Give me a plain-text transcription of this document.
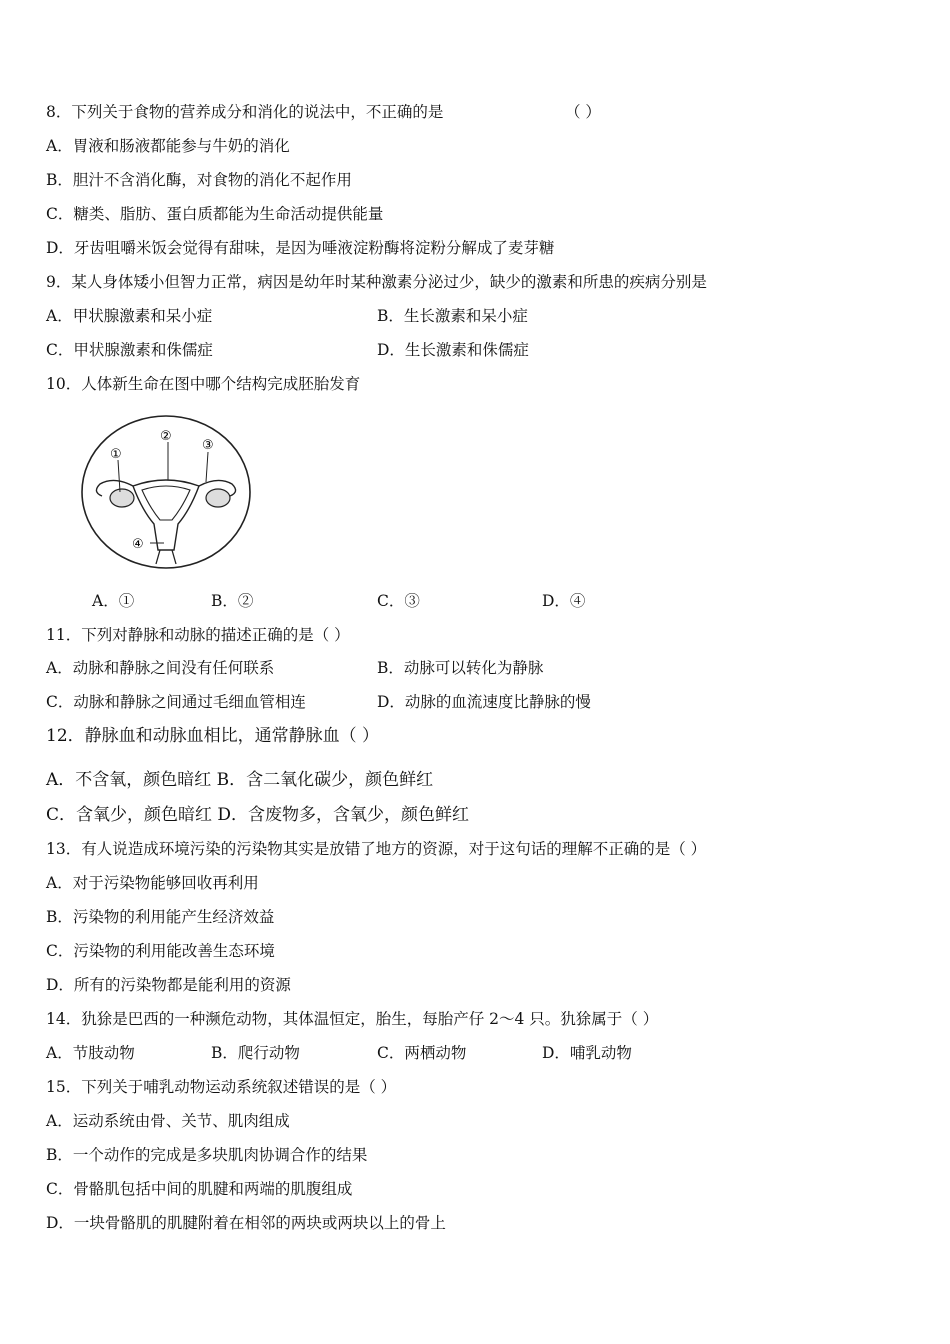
8．下列关于食物的营养成分和消化的说法中，不正确的是	（ ）
A．胃液和肠液都能参与牛奶的消化
B．胆汁不含消化酶，对食物的消化不起作用
C．糖类、脂肪、蛋白质都能为生命活动提供能量
D．牙齿咀嚼米饭会觉得有甜味，是因为唾液淀粉酶将淀粉分解成了麦芽糖
9．某人身体矮小但智力正常，病因是幼年时某种激素分泌过少，缺少的激素和所患的疾病分别是
A．甲状腺激素和呆小症	B．生长激素和呆小症
C．甲状腺激素和侏儒症	D．生长激素和侏儒症
10．人体新生命在图中哪个结构完成胚胎发育
①
②
③
④
A．①	B．②	C．③	D．④
11．下列对静脉和动脉的描述正确的是（ ）
A．动脉和静脉之间没有任何联系	B．动脉可以转化为静脉
C．动脉和静脉之间通过毛细血管相连	D．动脉的血流速度比静脉的慢
12．静脉血和动脉血相比，通常静脉血（ ）
A．不含氧，颜色暗红 B．含二氧化碳少，颜色鲜红
C．含氧少，颜色暗红 D．含废物多，含氧少，颜色鲜红
13．有人说造成环境污染的污染物其实是放错了地方的资源，对于这句话的理解不正确的是（ ）
A．对于污染物能够回收再利用
B．污染物的利用能产生经济效益
C．污染物的利用能改善生态环境
D．所有的污染物都是能利用的资源
14．犰狳是巴西的一种濒危动物，其体温恒定，胎生，每胎产仔 2～4 只。犰狳属于（ ）
A．节肢动物	B．爬行动物	C．两栖动物	D．哺乳动物
15．下列关于哺乳动物运动系统叙述错误的是（ ）
A．运动系统由骨、关节、肌肉组成
B．一个动作的完成是多块肌肉协调合作的结果
C．骨骼肌包括中间的肌腱和两端的肌腹组成
D．一块骨骼肌的肌腱附着在相邻的两块或两块以上的骨上
